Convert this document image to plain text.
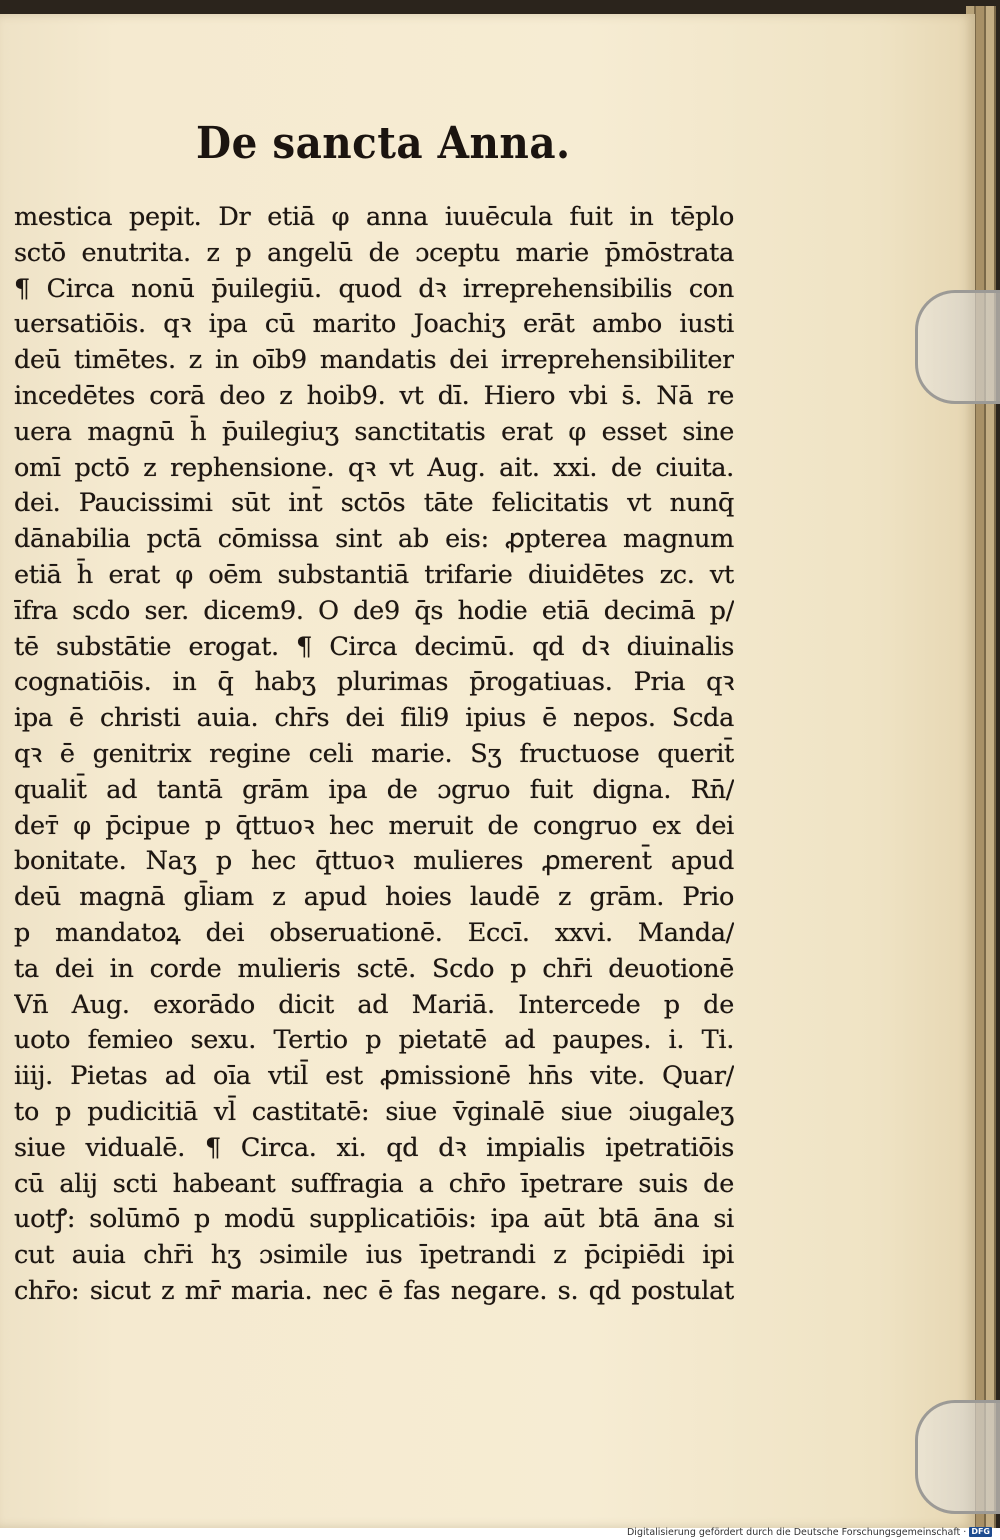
De sancta Anna.
mestica pepit. Dr etiā φ anna iuuēcula fuit in tēplo
sctō enutrita. z p angelū de ɔceptu marie p̄mōstrata
¶ Circa nonū p̄uilegiū. quod dꝛ irreprehensibilis con
uersatiōis. qꝛ ipa cū marito Joachiʒ erāt ambo iusti
deū timētes. z in oīb9 mandatis dei irreprehensibiliter
incedētes corā deo z hoib9. vt dī. Hiero vbi s̄. Nā re
uera magnū h̄ p̄uilegiuʒ sanctitatis erat φ esset sine
omī pctō z rephensione. qꝛ vt Aug. ait. xxi. de ciuita.
dei. Paucissimi sūt int̄ sctōs tāte felicitatis vt nunq̄
dānabilia pctā cōmissa sint ab eis: ꝓpterea magnum
etiā h̄ erat φ oēm substantiā trifarie diuidētes zc. vt
īfra scdo ser. dicem9. O de9 q̄s hodie etiā decimā p/
tē substātie erogat. ¶ Circa decimū. qd dꝛ diuinalis
cognatiōis. in q̄ habʒ plurimas p̄rogatiuas. Pria qꝛ
ipa ē christi auia. chr̄s dei fili9 ipius ē nepos. Scda
qꝛ ē genitrix regine celi marie. Sʒ fructuose querit̄
qualit̄ ad tantā grām ipa de ɔgruo fuit digna. Rn̄/
dет̄ φ p̄cipue p q̄ttuoꝛ hec meruit de congruo ex dei
bonitate. Naʒ p hec q̄ttuoꝛ mulieres ꝓmerent̄ apud
deū magnā gl̄iam z apud hoies laudē z grām. Prio
p mandatoꝝ dei obseruationē. Eccī. xxvi. Manda/
ta dei in corde mulieris sctē. Scdo p chr̄i deuotionē
Vn̄ Aug. exorādo dicit ad Mariā. Intercede p de
uoto femieo sexu. Tertio p pietatē ad paupes. i. Ti.
iiij. Pietas ad oīa vtil̄ est ꝓmissionē hn̄s vite. Quar/
to p pudicitiā vl̄ castitatē: siue v̄ginalē siue ɔiugaleʒ
siue vidualē. ¶ Circa. xi. qd dꝛ impialis ipetratiōis
cū alij scti habeant suffragia a chr̄o īpetrare suis de
uotꝭ: solūmō p modū supplicatiōis: ipa aūt btā āna si
cut auia chr̄i hʒ ɔsimile ius īpetrandi z p̄cipiēdi ipi
chr̄o: sicut z mr̄ maria. nec ē fas negare. s. qd postulat
Digitalisierung gefördert durch die Deutsche Forschungsgemeinschaft · DFG
